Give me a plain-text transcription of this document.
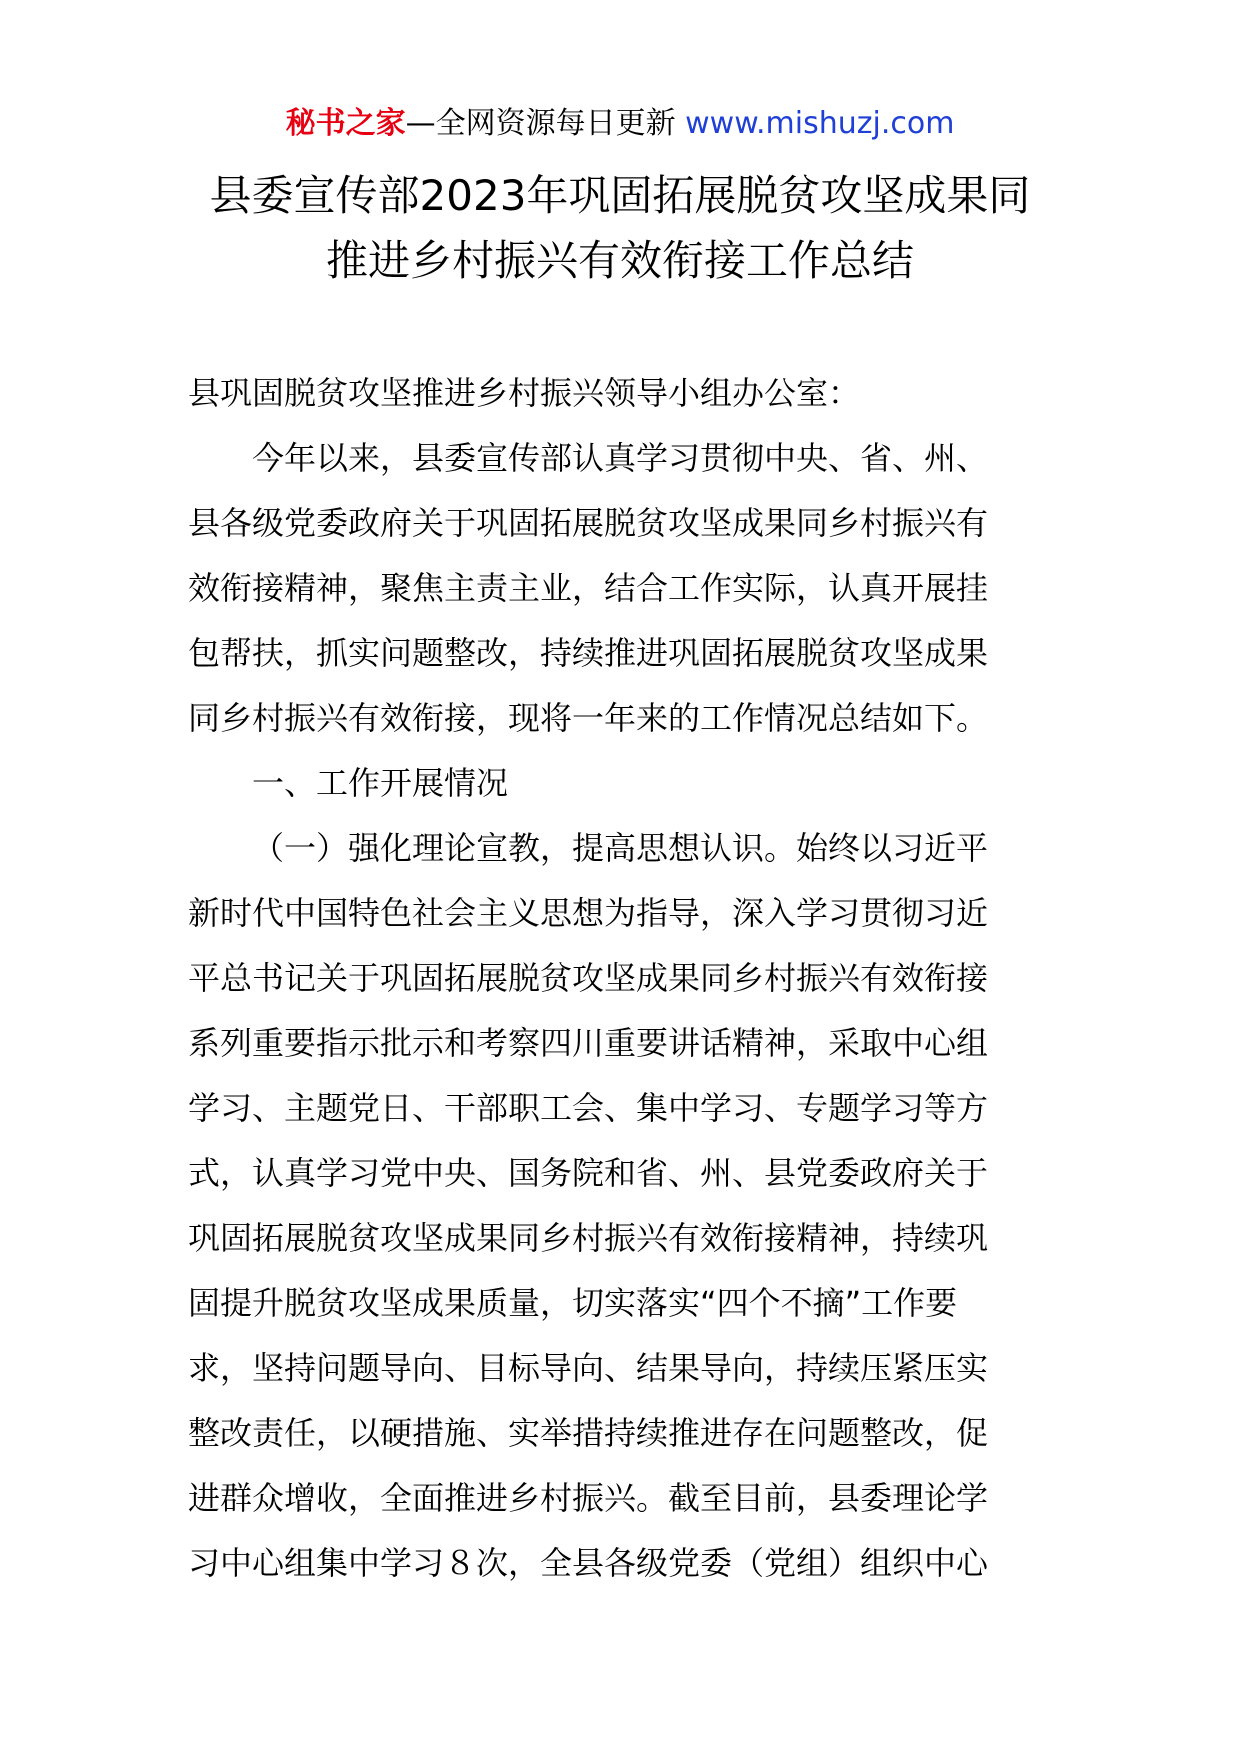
秘书之家—全网资源每日更新 www.mishuzj.com
县委宣传部2023年巩固拓展脱贫攻坚成果同
推进乡村振兴有效衔接工作总结
县巩固脱贫攻坚推进乡村振兴领导小组办公室：
今年以来，县委宣传部认真学习贯彻中央、省、州、
县各级党委政府关于巩固拓展脱贫攻坚成果同乡村振兴有
效衔接精神，聚焦主责主业，结合工作实际，认真开展挂
包帮扶，抓实问题整改，持续推进巩固拓展脱贫攻坚成果
同乡村振兴有效衔接，现将一年来的工作情况总结如下。
一、工作开展情况
（一）强化理论宣教，提高思想认识。始终以习近平
新时代中国特色社会主义思想为指导，深入学习贯彻习近
平总书记关于巩固拓展脱贫攻坚成果同乡村振兴有效衔接
系列重要指示批示和考察四川重要讲话精神，采取中心组
学习、主题党日、干部职工会、集中学习、专题学习等方
式，认真学习党中央、国务院和省、州、县党委政府关于
巩固拓展脱贫攻坚成果同乡村振兴有效衔接精神，持续巩
固提升脱贫攻坚成果质量，切实落实“四个不摘”工作要
求，坚持问题导向、目标导向、结果导向，持续压紧压实
整改责任，以硬措施、实举措持续推进存在问题整改，促
进群众增收，全面推进乡村振兴。截至目前，县委理论学
习中心组集中学习８次，全县各级党委（党组）组织中心
